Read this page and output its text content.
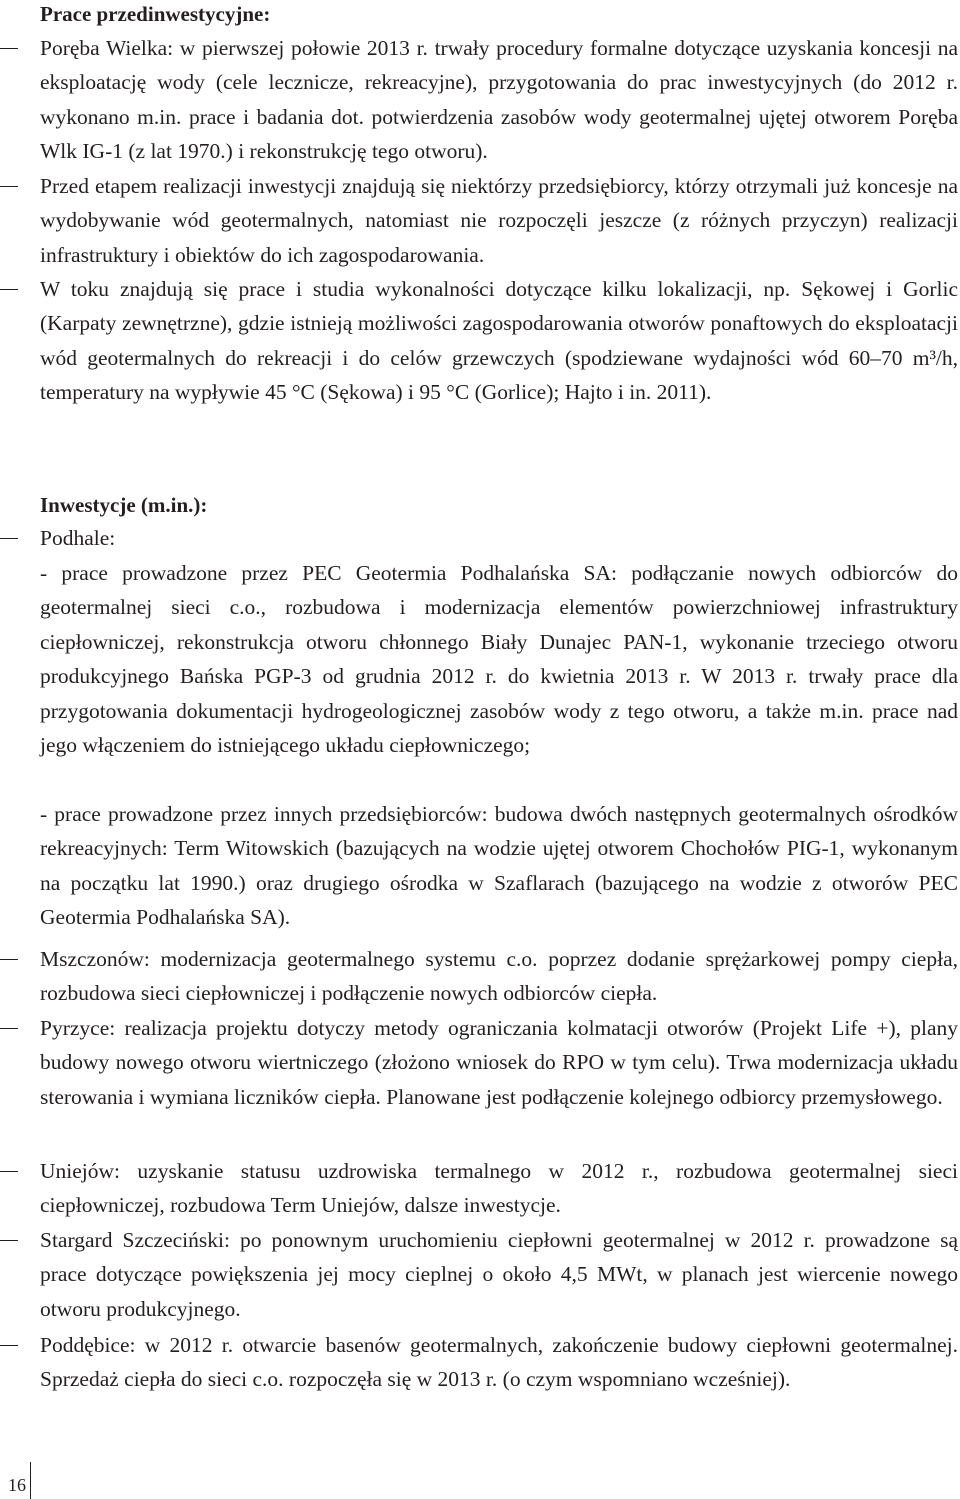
Prace przedinwestycyjne:

Poręba Wielka: w pierwszej połowie 2013 r. trwały procedury formalne dotyczące uzyskania koncesji na eksploatację wody (cele lecznicze, rekreacyjne), przygotowania do prac inwestycyjnych (do 2012 r. wykonano m.in. prace i badania dot. potwierdzenia zasobów wody geotermalnej ujętej otworem Poręba Wlk IG-1 (z lat 1970.) i rekonstrukcję tego otworu).

Przed etapem realizacji inwestycji znajdują się niektórzy przedsiębiorcy, którzy otrzymali już koncesje na wydobywanie wód geotermalnych, natomiast nie rozpoczęli jeszcze (z różnych przyczyn) realizacji infrastruktury i obiektów do ich zagospodarowania.

W toku znajdują się prace i studia wykonalności dotyczące kilku lokalizacji, np. Sękowej i Gorlic (Karpaty zewnętrzne), gdzie istnieją możliwości zagospodarowania otworów ponaftowych do eksploatacji wód geotermalnych do rekreacji i do celów grzewczych (spodziewane wydajności wód 60–70 m³/h, temperatury na wypływie 45 °C (Sękowa) i 95 °C (Gorlice); Hajto i in. 2011).

Inwestycje (m.in.):

Podhale:

- prace prowadzone przez PEC Geotermia Podhalańska SA: podłączanie nowych odbiorców do geotermalnej sieci c.o., rozbudowa i modernizacja elementów powierzchniowej infrastruktury ciepłowniczej, rekonstrukcja otworu chłonnego Biały Dunajec PAN-1, wykonanie trzeciego otworu produkcyjnego Bańska PGP-3 od grudnia 2012 r. do kwietnia 2013 r. W 2013 r. trwały prace dla przygotowania dokumentacji hydrogeologicznej zasobów wody z tego otworu, a także m.in. prace nad jego włączeniem do istniejącego układu ciepłowniczego;

- prace prowadzone przez innych przedsiębiorców: budowa dwóch następnych geotermalnych ośrodków rekreacyjnych: Term Witowskich (bazujących na wodzie ujętej otworem Chochołów PIG-1, wykonanym na początku lat 1990.) oraz drugiego ośrodka w Szaflarach (bazującego na wodzie z otworów PEC Geotermia Podhalańska SA).

Mszczonów: modernizacja geotermalnego systemu c.o. poprzez dodanie sprężarkowej pompy ciepła, rozbudowa sieci ciepłowniczej i podłączenie nowych odbiorców ciepła.

Pyrzyce: realizacja projektu dotyczy metody ograniczania kolmatacji otworów (Projekt Life +), plany budowy nowego otworu wiertniczego (złożono wniosek do RPO w tym celu). Trwa modernizacja układu sterowania i wymiana liczników ciepła. Planowane jest podłączenie kolejnego odbiorcy przemysłowego.

Uniejów: uzyskanie statusu uzdrowiska termalnego w 2012 r., rozbudowa geotermalnej sieci ciepłowniczej, rozbudowa Term Uniejów, dalsze inwestycje.

Stargard Szczeciński: po ponownym uruchomieniu ciepłowni geotermalnej w 2012 r. prowadzone są prace dotyczące powiększenia jej mocy cieplnej o około 4,5 MWt, w planach jest wiercenie nowego otworu produkcyjnego.

Poddębice: w 2012 r. otwarcie basenów geotermalnych, zakończenie budowy ciepłowni geotermalnej. Sprzedaż ciepła do sieci c.o. rozpoczęła się w 2013 r. (o czym wspomniano wcześniej).

16
